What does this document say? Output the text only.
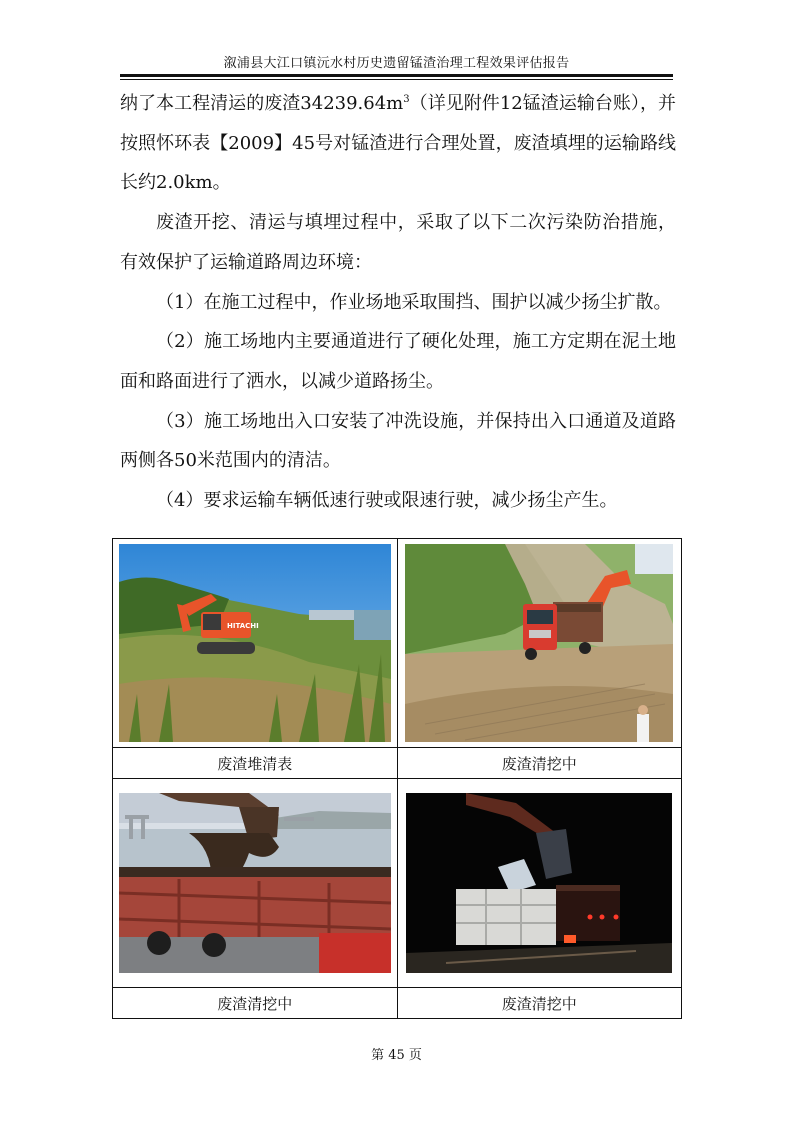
溆浦县大江口镇沅水村历史遗留锰渣治理工程效果评估报告

纳了本工程清运的废渣$34239.64m^3$（详见附件12锰渣运输台账），并按照怀环表【2009】45号对锰渣进行合理处置，废渣填埋的运输路线长约2.0km。

废渣开挖、清运与填埋过程中，采取了以下二次污染防治措施，有效保护了运输道路周边环境：

（1）在施工过程中，作业场地采取围挡、围护以减少扬尘扩散。

（2）施工场地内主要通道进行了硬化处理，施工方定期在泥土地面和路面进行了洒水，以减少道路扬尘。

（3）施工场地出入口安装了冲洗设施，并保持出入口通道及道路两侧各50米范围内的清洁。

（4）要求运输车辆低速行驶或限速行驶，减少扬尘产生。

HITACHI

废渣堆清表	废渣清挖中

废渣清挖中	废渣清挖中
第 45 页
